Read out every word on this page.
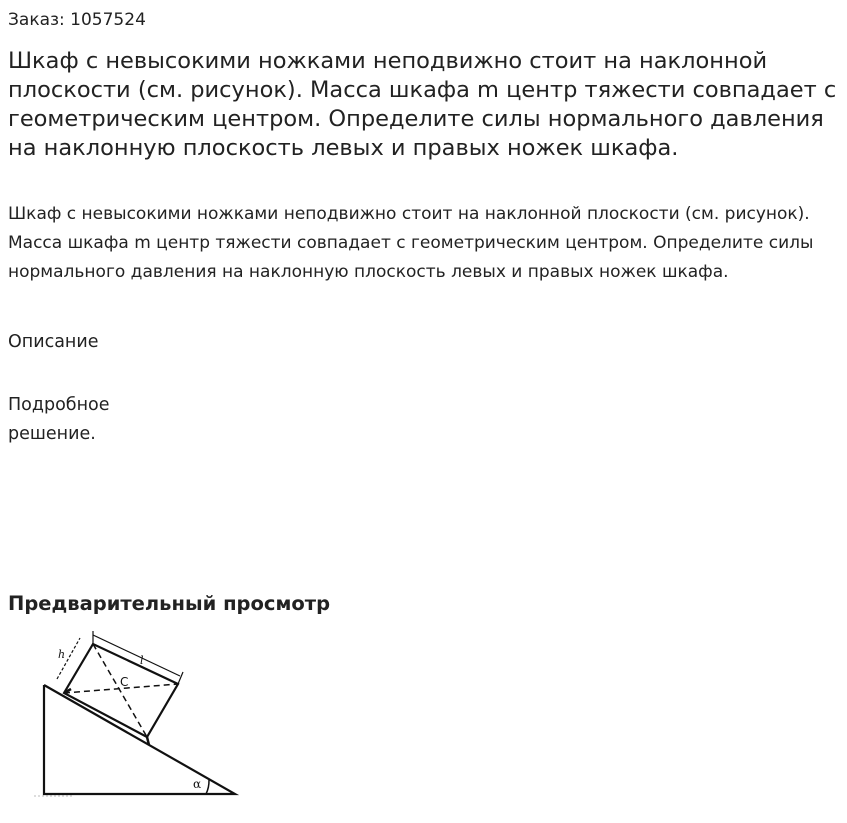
Заказ: 1057524
Шкаф с невысокими ножками неподвижно стоит на наклонной плоскости (см. рисунок). Масса шкафа m центр тяжести совпадает с геометрическим центром. Определите силы нормального давления на наклонную плоскость левых и правых ножек шкафа.

Шкаф с невысокими ножками неподвижно стоит на наклонной плоскости (см. рисунок). Масса шкафа m центр тяжести совпадает с геометрическим центром. Определите силы нормального давления на наклонную плоскость левых и правых ножек шкафа.

Описание
Подробное решение.
Предварительный просмотр
h	l
C
α
